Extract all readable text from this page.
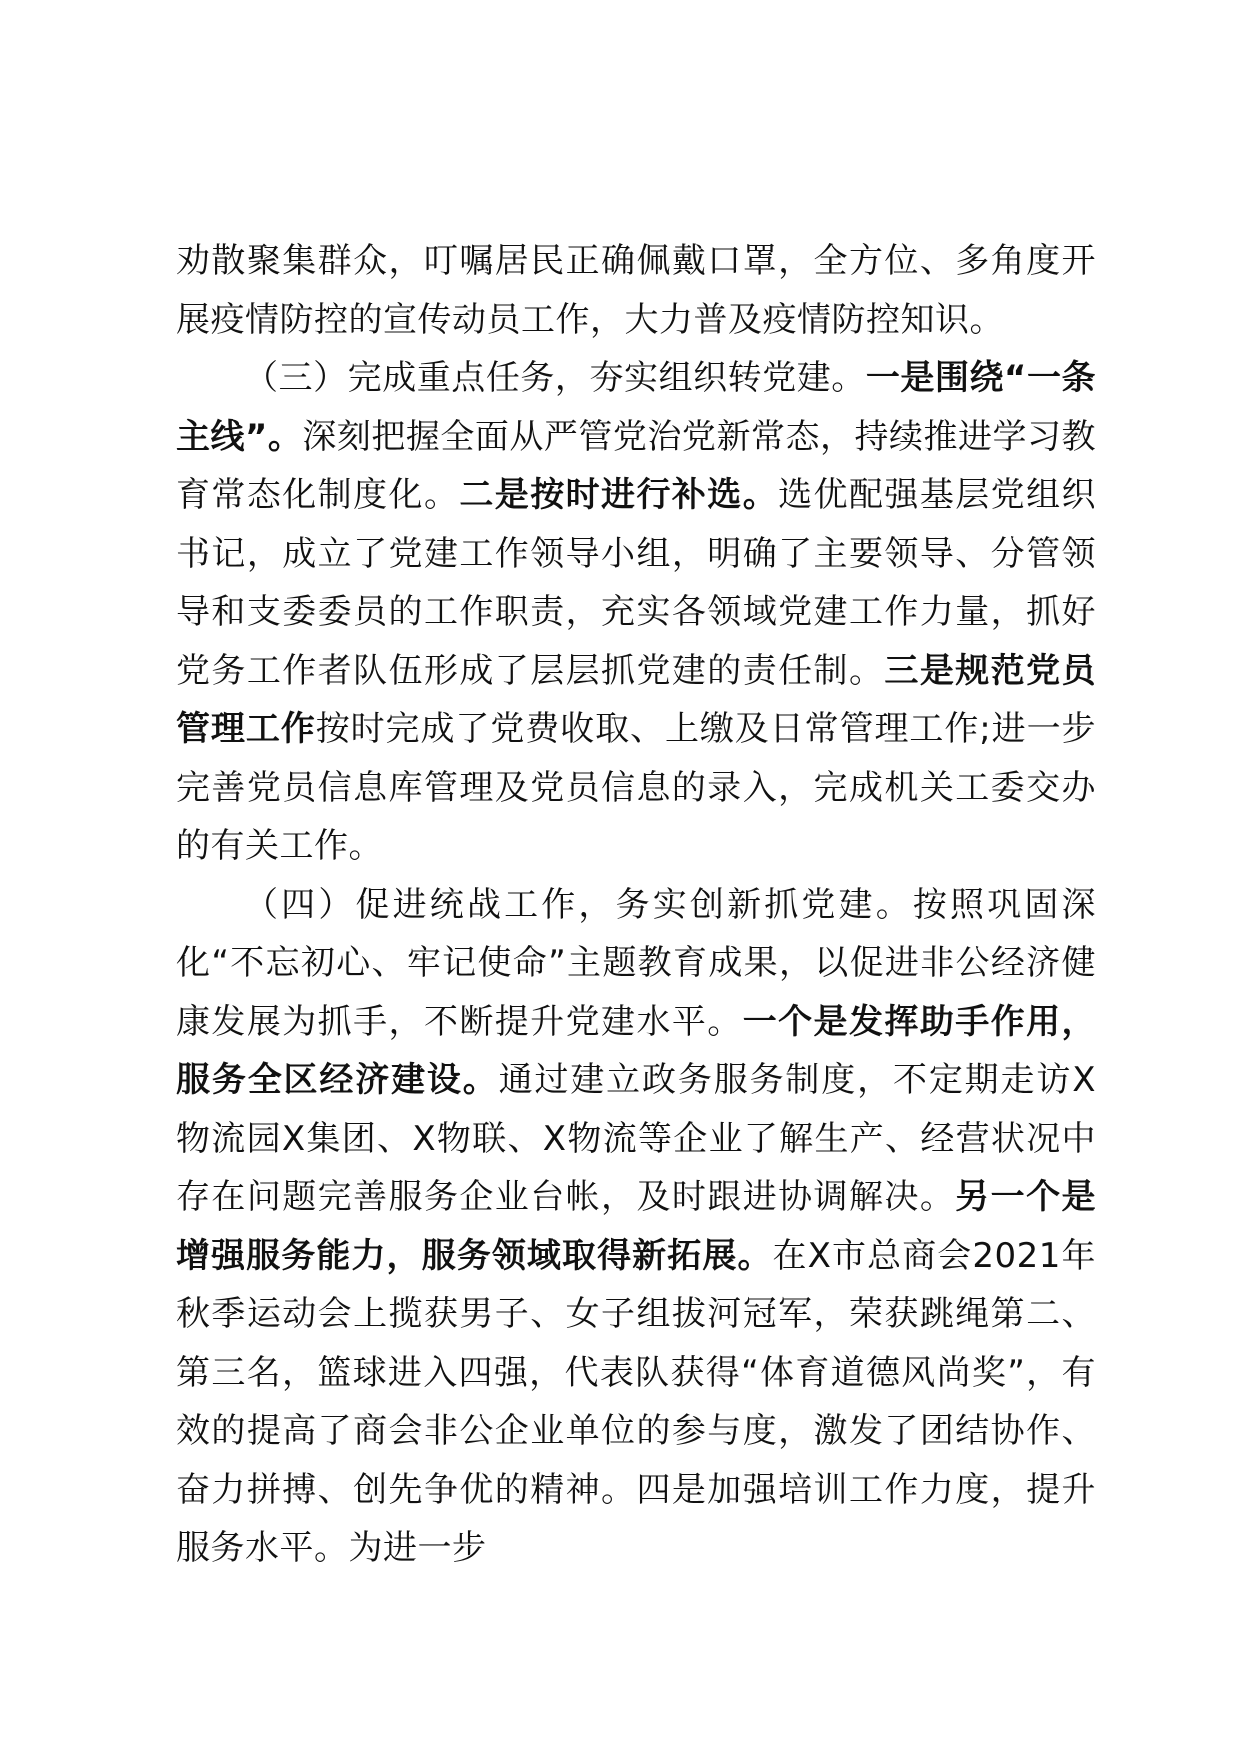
劝散聚集群众，叮嘱居民正确佩戴口罩，全方位、多角度开展疫情防控的宣传动员工作，大力普及疫情防控知识。

（三）完成重点任务，夯实组织转党建。一是围绕“一条主线”。深刻把握全面从严管党治党新常态，持续推进学习教育常态化制度化。二是按时进行补选。选优配强基层党组织书记，成立了党建工作领导小组，明确了主要领导、分管领导和支委委员的工作职责，充实各领域党建工作力量，抓好党务工作者队伍形成了层层抓党建的责任制。三是规范党员管理工作按时完成了党费收取、上缴及日常管理工作;进一步完善党员信息库管理及党员信息的录入，完成机关工委交办的有关工作。

（四）促进统战工作，务实创新抓党建。按照巩固深化“不忘初心、牢记使命”主题教育成果，以促进非公经济健康发展为抓手，不断提升党建水平。一个是发挥助手作用，服务全区经济建设。通过建立政务服务制度，不定期走访X物流园X集团、X物联、X物流等企业了解生产、经营状况中存在问题完善服务企业台帐，及时跟进协调解决。另一个是增强服务能力，服务领域取得新拓展。在X市总商会2021年秋季运动会上揽获男子、女子组拔河冠军，荣获跳绳第二、第三名，篮球进入四强，代表队获得“体育道德风尚奖”，有效的提高了商会非公企业单位的参与度，激发了团结协作、奋力拼搏、创先争优的精神。四是加强培训工作力度，提升服务水平。为进一步
